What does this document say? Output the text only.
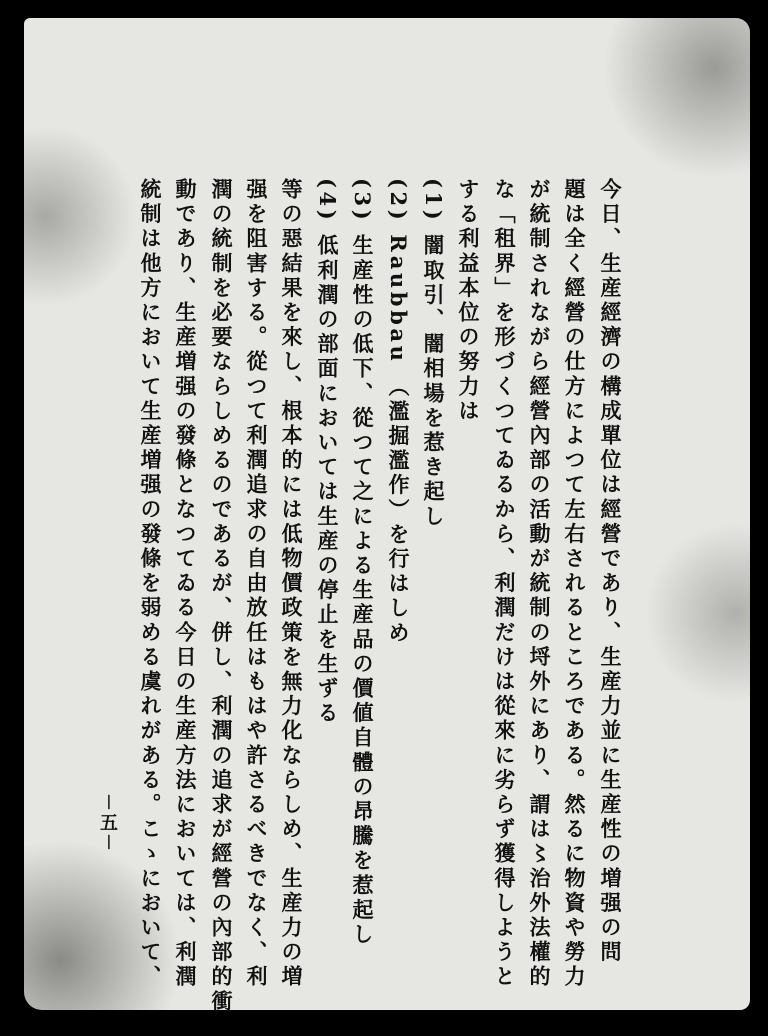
今日、生産經濟の構成單位は經營であり、生産力並に生産性の増强の問
題は全く經營の仕方によつて左右されるところである。然るに物資や勞力
が統制されながら經營內部の活動が統制の埒外にあり、謂は〻治外法權的
な「租界」を形づくつてゐるから、利潤だけは從來に劣らず獲得しようと
する利益本位の努力は
(1) 闇取引、闇相場を惹き起し
(2) Raubbau （濫掘濫作）を行はしめ
(3) 生産性の低下、從つて之による生産品の價値自體の昂騰を惹起し
(4) 低利潤の部面においては生産の停止を生ずる
等の惡結果を來し、根本的には低物價政策を無力化ならしめ、生産力の増
强を阻害する。從つて利潤追求の自由放任はもはや許さるべきでなく、利
潤の統制を必要ならしめるのであるが、併し、利潤の追求が經營の內部的衝
動であり、生産増强の發條となつてゐる今日の生産方法においては、利潤
統制は他方において生産増强の發條を弱める虞れがある。こゝにおいて、
－五－
